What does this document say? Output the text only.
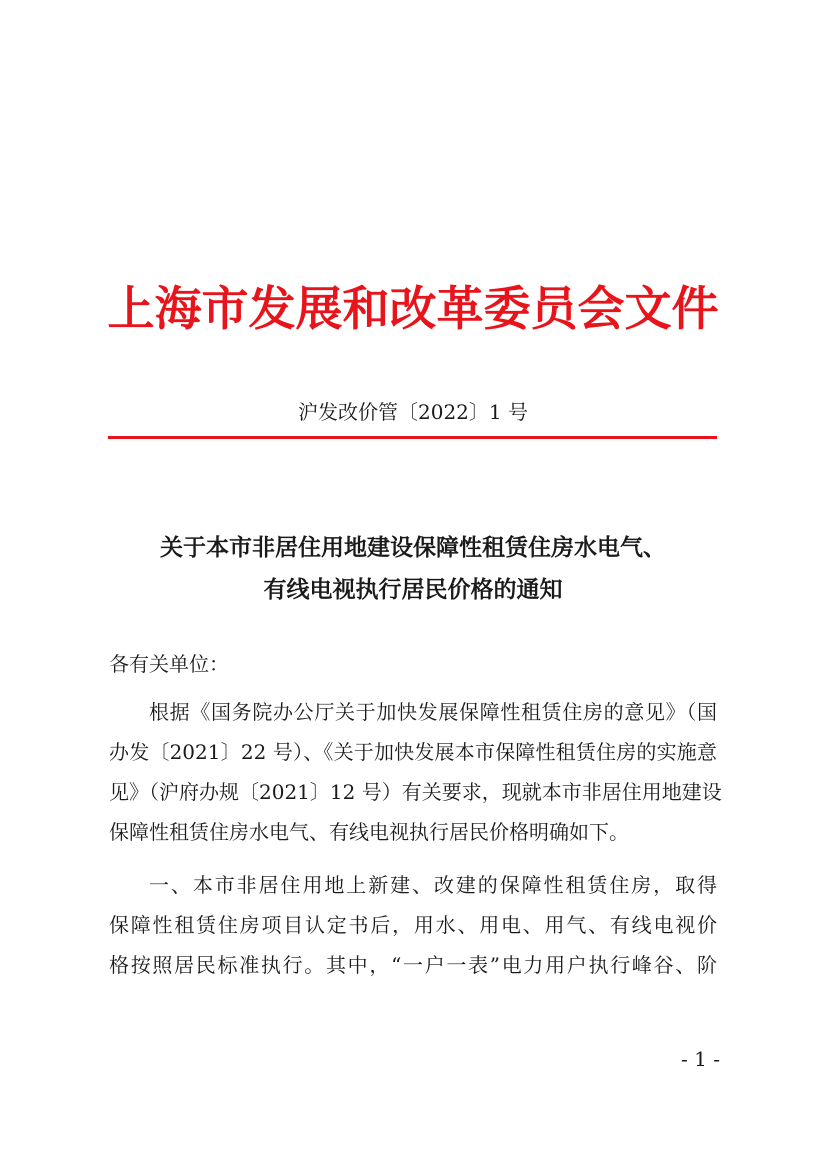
上海市发展和改革委员会文件
沪发改价管〔2022〕1 号
关于本市非居住用地建设保障性租赁住房水电气、
有线电视执行居民价格的通知
各有关单位：
根据《国务院办公厅关于加快发展保障性租赁住房的意见》（国
办发〔2021〕22 号）、《关于加快发展本市保障性租赁住房的实施意
见》（沪府办规〔2021〕12 号）有关要求，现就本市非居住用地建设
保障性租赁住房水电气、有线电视执行居民价格明确如下。
一、本市非居住用地上新建、改建的保障性租赁住房，取得
保障性租赁住房项目认定书后，用水、用电、用气、有线电视价
格按照居民标准执行。其中，“一户一表”电力用户执行峰谷、阶
- 1 -
